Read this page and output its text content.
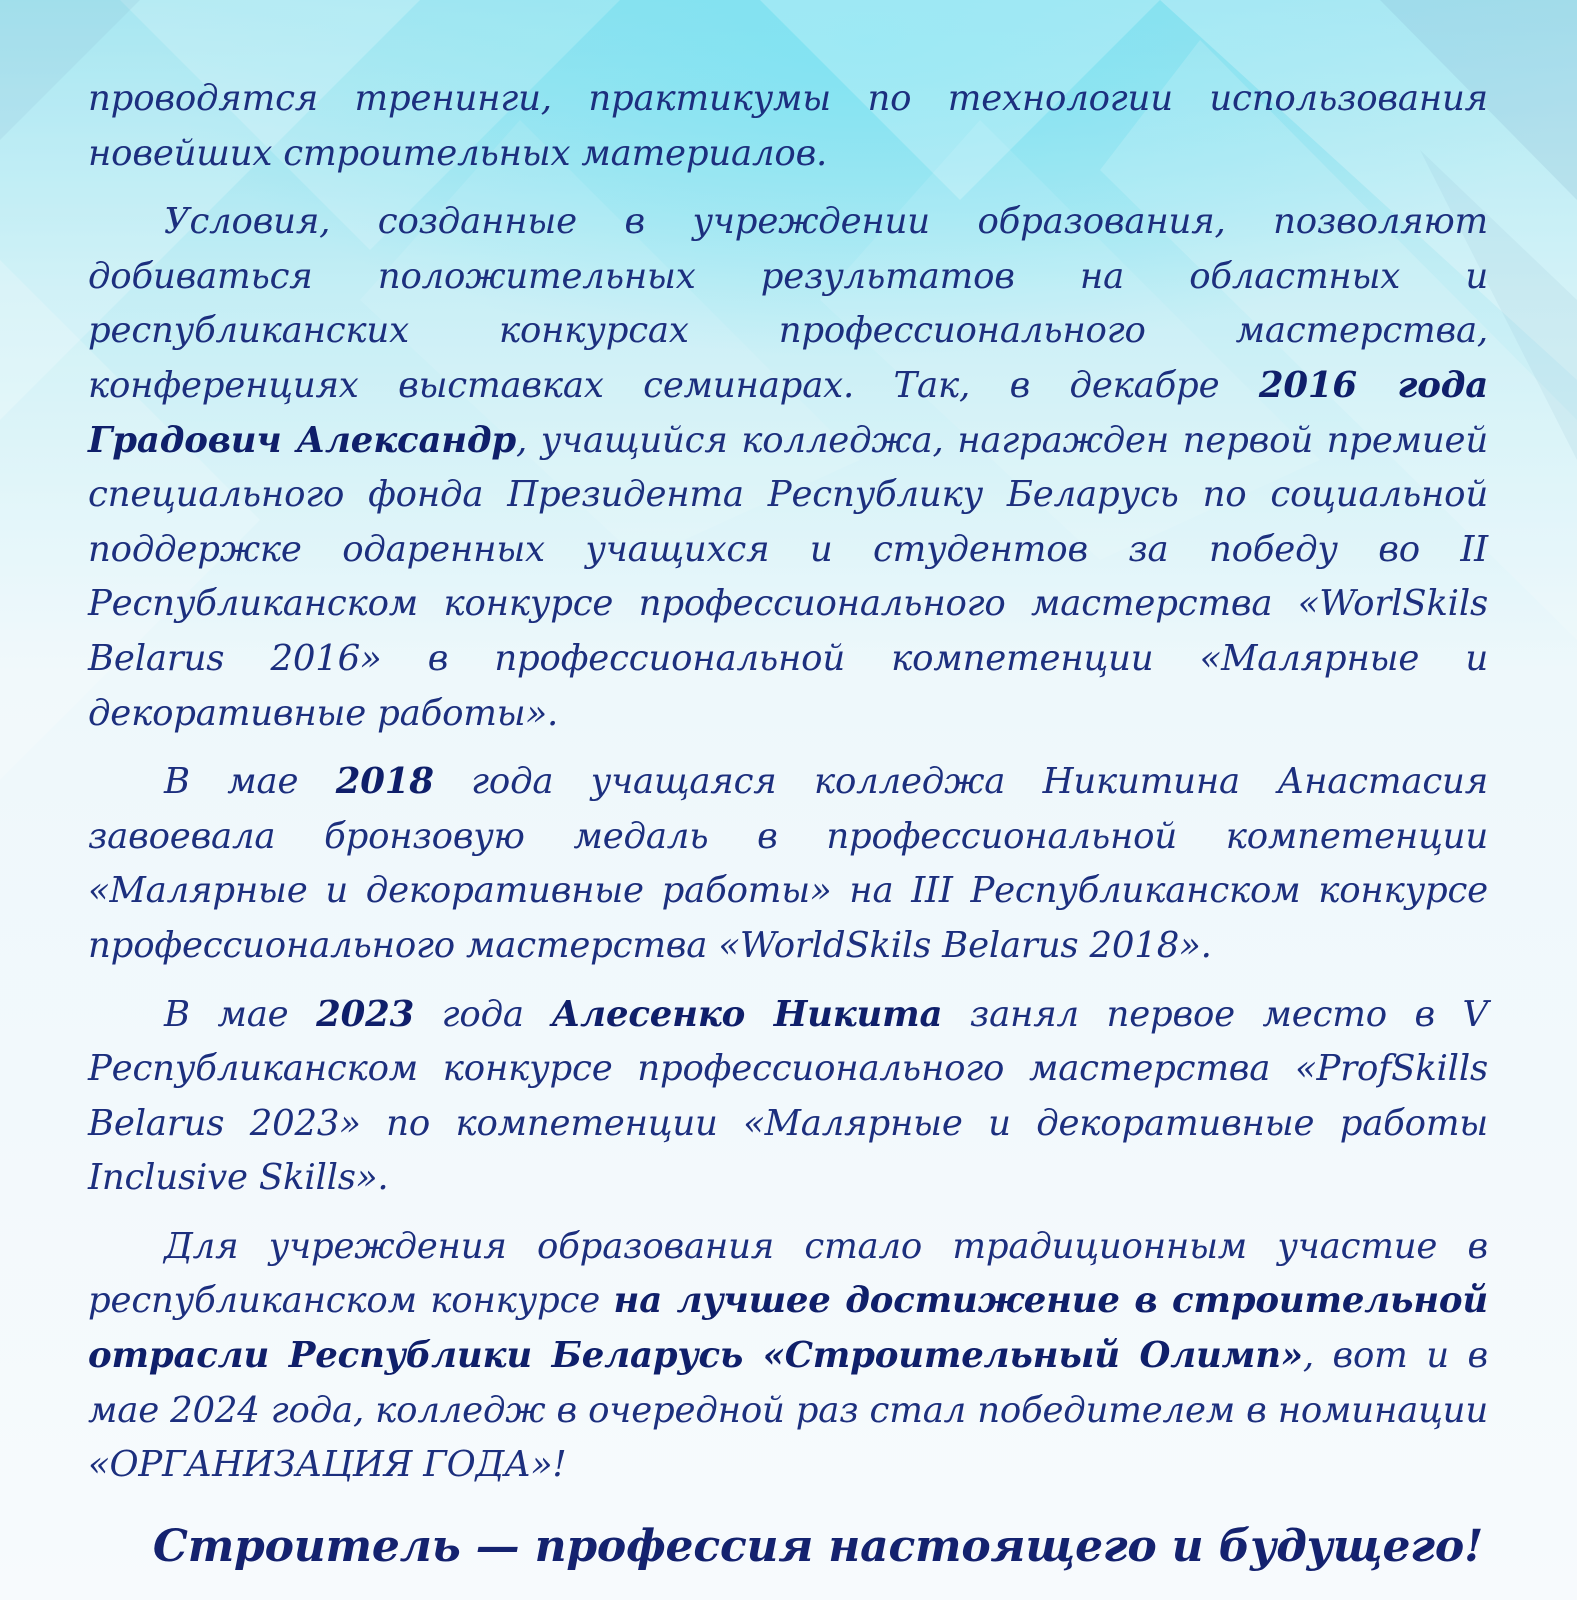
проводятся тренинги, практикумы по технологии использования новейших строительных материалов.

Условия, созданные в учреждении образования, позволяют добиваться положительных результатов на областных и республиканских конкурсах профессионального мастерства, конференциях выставках семинарах. Так, в декабре 2016 года Градович Александр, учащийся колледжа, награжден первой премией специального фонда Президента Республику Беларусь по социальной поддержке одаренных учащихся и студентов за победу во II Республиканском конкурсе профессионального мастерства «WorlSkils Belarus 2016» в профессиональной компетенции «Малярные и декоративные работы».

В мае 2018 года учащаяся колледжа Никитина Анастасия завоевала бронзовую медаль в профессиональной компетенции «Малярные и декоративные работы» на III Республиканском конкурсе профессионального мастерства «WorldSkils Belarus 2018».

В мае 2023 года Алесенко Никита занял первое место в V Республиканском конкурсе профессионального мастерства «ProfSkills Belarus 2023» по компетенции «Малярные и декоративные работы Inclusive Skills».

Для учреждения образования стало традиционным участие в республиканском конкурсе на лучшее достижение в строительной отрасли Республики Беларусь «Строительный Олимп», вот и в мае 2024 года, колледж в очередной раз стал победителем в номинации «ОРГАНИЗАЦИЯ ГОДА»!

Строитель — профессия настоящего и будущего!
